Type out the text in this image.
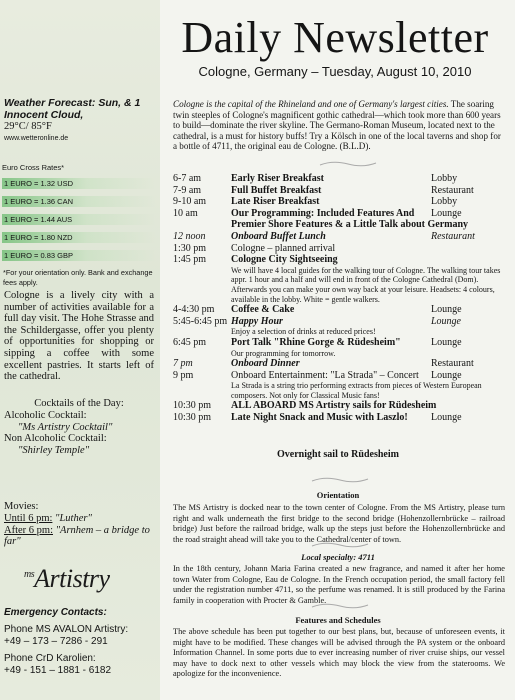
Weather Forecast: Sun, & 1 Innocent Cloud,
29°C/ 85°F
www.wetteronline.de
Euro Cross Rates*
1 EURO = 1.32 USD
1 EURO = 1.36 CAN
1 EURO = 1.44 AUS
1 EURO = 1.80 NZD
1 EURO = 0.83 GBP
*For your orientation only. Bank and exchange fees apply.
Cologne is a lively city with a number of activities available for a full day visit. The Hohe Strasse and the Schildergasse, offer you plenty of opportunities for shopping or sipping a coffee with some excellent pastries. It starts left of the cathedral.
Cocktails of the Day:
Alcoholic Cocktail:
"Ms Artistry Cocktail"
Non Alcoholic Cocktail:
"Shirley Temple"
Movies:
Until 6 pm: "Luther"
After 6 pm: "Arnhem – a bridge to far"
$^{ms}$Artistry
Emergency Contacts:
Phone MS AVALON Artistry:
+49 – 173 – 7286 - 291
Phone CrD Karolien:
+49 - 151 – 1881 - 6182
Daily Newsletter
Cologne, Germany – Tuesday, August 10, 2010
Cologne is the capital of the Rhineland and one of Germany's largest cities. The soaring twin steeples of Cologne's magnificent gothic cathedral—which took more than 600 years to build—dominate the river skyline. The Germano-Roman Museum, located next to the cathedral, is a must for history buffs! Try a Kölsch in one of the local taverns and shop for a bottle of 4711, the original eau de Cologne. (B.L.D).
6-7 am	Early Riser Breakfast	Lobby
7-9 am	Full Buffet Breakfast	Restaurant
9-10 am	Late Riser Breakfast	Lobby
10 am	Our Programming: Included Features And	Lounge
Premier Shore Features & a Little Talk about Germany
12 noon	Onboard Buffet Lunch	Restaurant
1:30 pm	Cologne – planned arrival
1:45 pm	Cologne City Sightseeing
We will have 4 local guides for the walking tour of Cologne. The walking tour takes appr. 1 hour and a half and will end in front of the Cologne Cathedral (Dom). Afterwards you can make your own way back at your leisure. Headsets: 4 colours, available in the lobby. White = gentle walkers.
4-4:30 pm	Coffee & Cake	Lounge
5:45-6:45 pm Happy Hour	Lounge
Enjoy a selection of drinks at reduced prices!
6:45 pm	Port Talk "Rhine Gorge & Rüdesheim"	Lounge
Our programming for tomorrow.
7 pm	Onboard Dinner	Restaurant
9 pm	Onboard Entertainment: "La Strada" – Concert	Lounge
La Strada is a string trio performing extracts from pieces of Western European composers. Not only for Classical Music fans!
10:30 pm	ALL ABOARD MS Artistry sails for Rüdesheim
10:30 pm	Late Night Snack and Music with Laszlo!	Lounge
Overnight sail to Rüdesheim
Orientation
The MS Artistry is docked near to the town center of Cologne. From the MS Artistry, please turn right and walk underneath the first bridge to the second bridge (Hohenzollernbrücke – railroad bridge) Just before the railroad bridge, walk up the steps just before the Hohenzollernbrücke and the road straight ahead will take you to the Cathedral/center of town.
Local specialty: 4711
In the 18th century, Johann Maria Farina created a new fragrance, and named it after her home town Water from Cologne, Eau de Cologne. In the French occupation period, the small factory fell under the registration number 4711, so the perfume was renamed. It is still produced by the Farina family in cooperation with Procter & Gamble.
Features and Schedules
The above schedule has been put together to our best plans, but, because of unforeseen events, it might have to be modified. These changes will be advised through the PA system or the onboard Information Channel. In some ports due to ever increasing number of river cruise ships, our vessel may have to dock next to other vessels which may block the view from the staterooms. We apologize for the inconvenience.
